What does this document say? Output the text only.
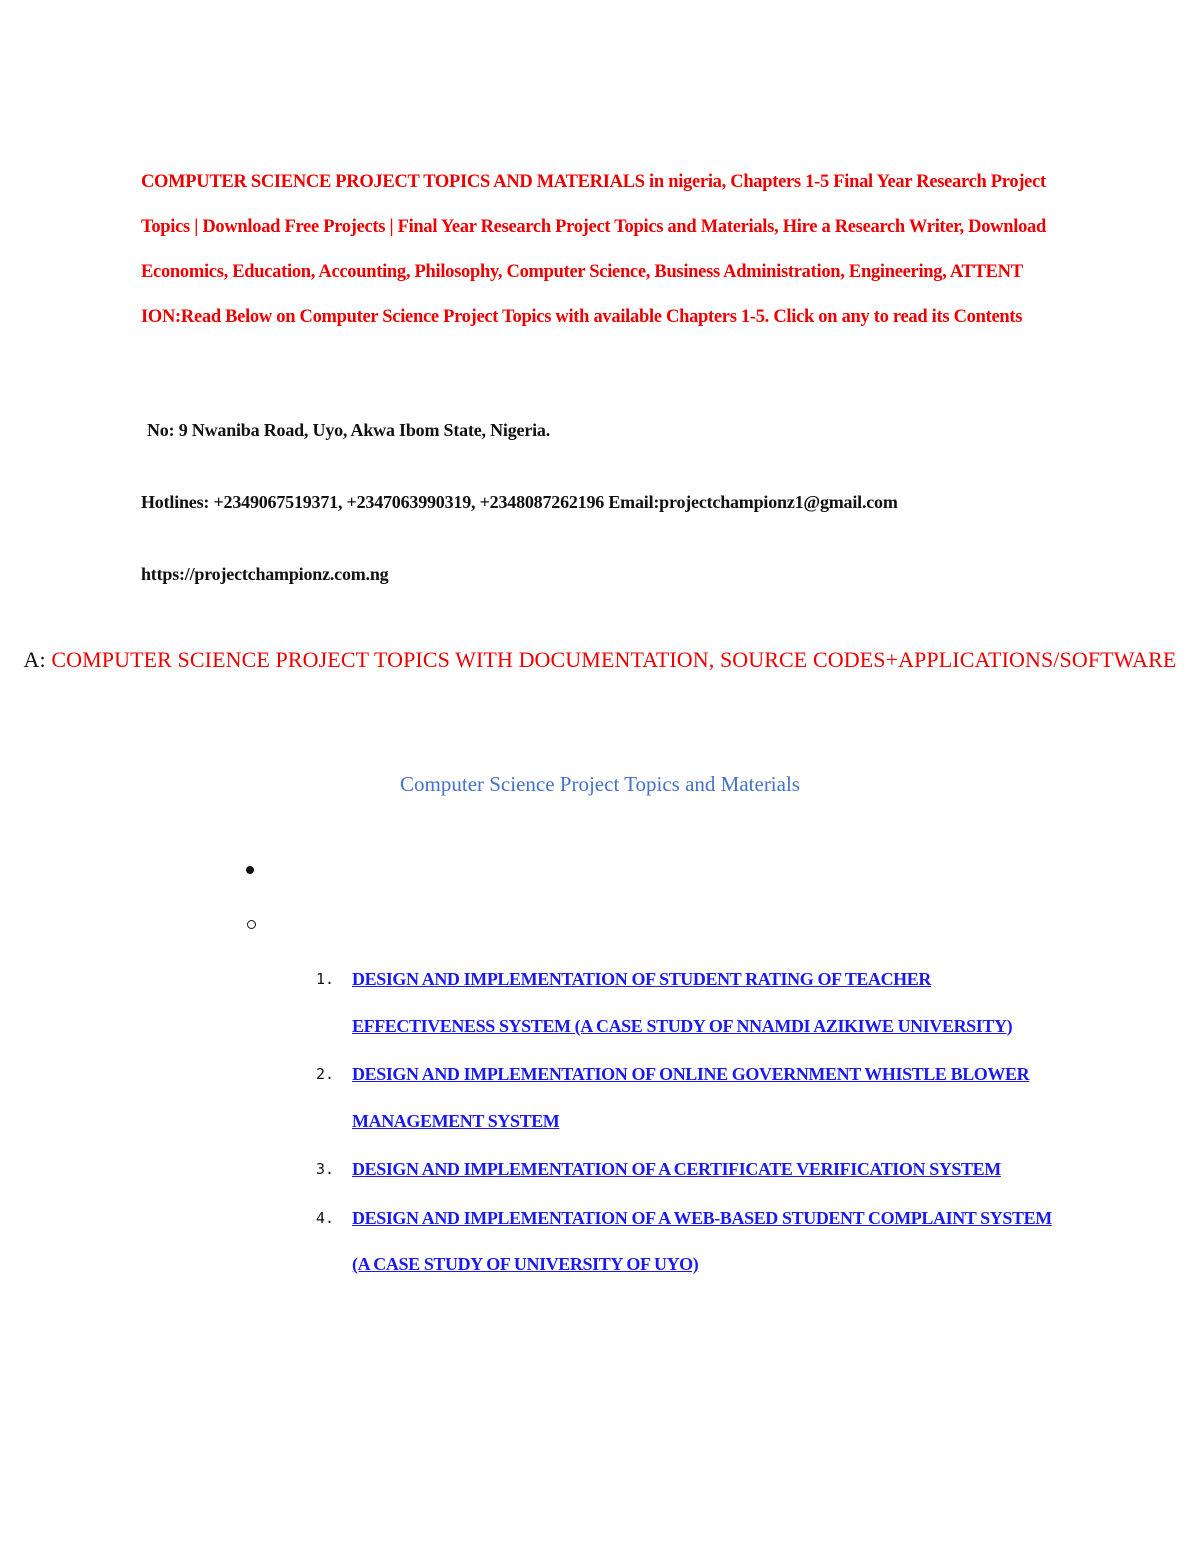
COMPUTER SCIENCE PROJECT TOPICS AND MATERIALS in nigeria, Chapters 1-5 Final Year Research Project Topics | Download Free Projects | Final Year Research Project Topics and Materials, Hire a Research Writer, Download Economics, Education, Accounting, Philosophy, Computer Science, Business Administration, Engineering, ATTENT ION:Read Below on Computer Science Project Topics with available Chapters 1-5. Click on any to read its Contents
No: 9 Nwaniba Road, Uyo, Akwa Ibom State, Nigeria.
Hotlines: +2349067519371, +2347063990319, +2348087262196 Email:projectchampionz1@gmail.com
https://projectchampionz.com.ng
A: COMPUTER SCIENCE PROJECT TOPICS WITH DOCUMENTATION, SOURCE CODES+APPLICATIONS/SOFTWARE
Computer Science Project Topics and Materials
1. DESIGN AND IMPLEMENTATION OF STUDENT RATING OF TEACHER EFFECTIVENESS SYSTEM (A CASE STUDY OF NNAMDI AZIKIWE UNIVERSITY)
2. DESIGN AND IMPLEMENTATION OF ONLINE GOVERNMENT WHISTLE BLOWER MANAGEMENT SYSTEM
3. DESIGN AND IMPLEMENTATION OF A CERTIFICATE VERIFICATION SYSTEM
4. DESIGN AND IMPLEMENTATION OF A WEB-BASED STUDENT COMPLAINT SYSTEM (A CASE STUDY OF UNIVERSITY OF UYO)
